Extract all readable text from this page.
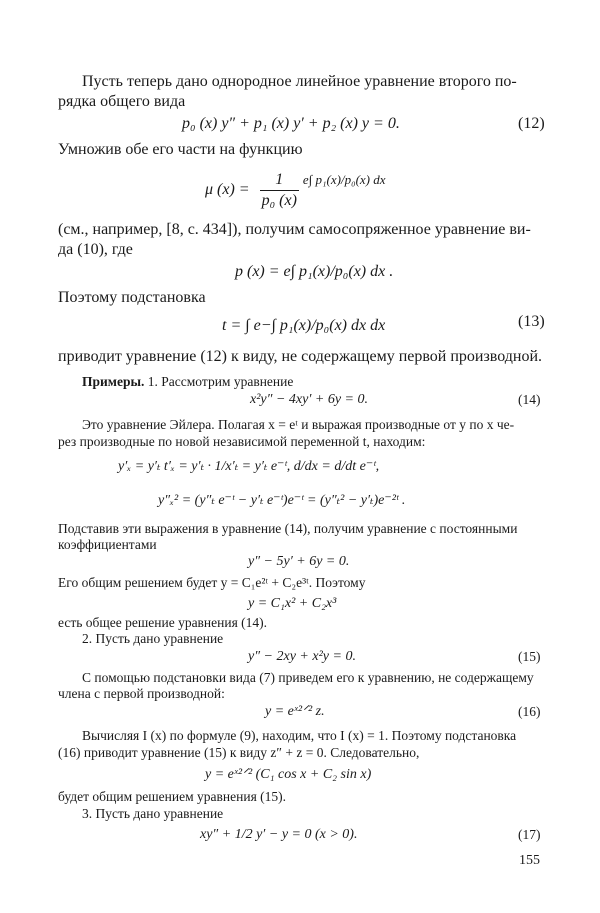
Пусть теперь дано однородное линейное уравнение второго по-
рядка общего вида
p₀ (x) y″ + p₁ (x) y′ + p₂ (x) y = 0.	(12)
Умножив обе его части на функцию
μ $(x) = \frac{1}{\text{p₀ (x)}} ^{e\int p_1(x)/p_0(x) dx}$
(см., например, [8, с. 434]), получим самосопряженное уравнение ви-
да (10), где
p (x) = e∫ p₁(x)/p₀(x) dx .
Поэтому подстановка
t = ∫ e−∫ p₁(x)/p₀(x) dx dx	(13)
приводит уравнение (12) к виду, не содержащему первой производной.
Примеры. 1. Рассмотрим уравнение
x²y″ − 4xy′ + 6y = 0.	(14)
Это уравнение Эйлера. Полагая x = eᵗ и выражая производные от y по x че-
рез производные по новой независимой переменной t, находим:
y′ₓ = y′ₜ t′ₓ = y′ₜ · 1/x′ₜ = y′ₜ e⁻ᵗ, d/dx = d/dt e⁻ᵗ,
y″ₓ² = (y″ₜ e⁻ᵗ − y′ₜ e⁻ᵗ)e⁻ᵗ = (y″ₜ² − y′ₜ)e⁻²ᵗ .
Подставив эти выражения в уравнение (14), получим уравнение с постоянными
коэффициентами
y″ − 5y′ + 6y = 0.
Его общим решением будет y = C₁e²ᵗ + C₂e³ᵗ. Поэтому
y = C₁x² + C₂x³
есть общее решение уравнения (14).
2. Пусть дано уравнение
y″ − 2xy + x²y = 0.	(15)
С помощью подстановки вида (7) приведем его к уравнению, не содержащему
члена с первой производной:
y = eˣ²ᐟ² z.	(16)
Вычисляя I (x) по формуле (9), находим, что I (x) = 1. Поэтому подстановка
(16) приводит уравнение (15) к виду z″ + z = 0. Следовательно,
y = eˣ²ᐟ² (C₁ cos x + C₂ sin x)
будет общим решением уравнения (15).
3. Пусть дано уравнение
xy″ + 1/2 y′ − y = 0 (x > 0).	(17)
155
